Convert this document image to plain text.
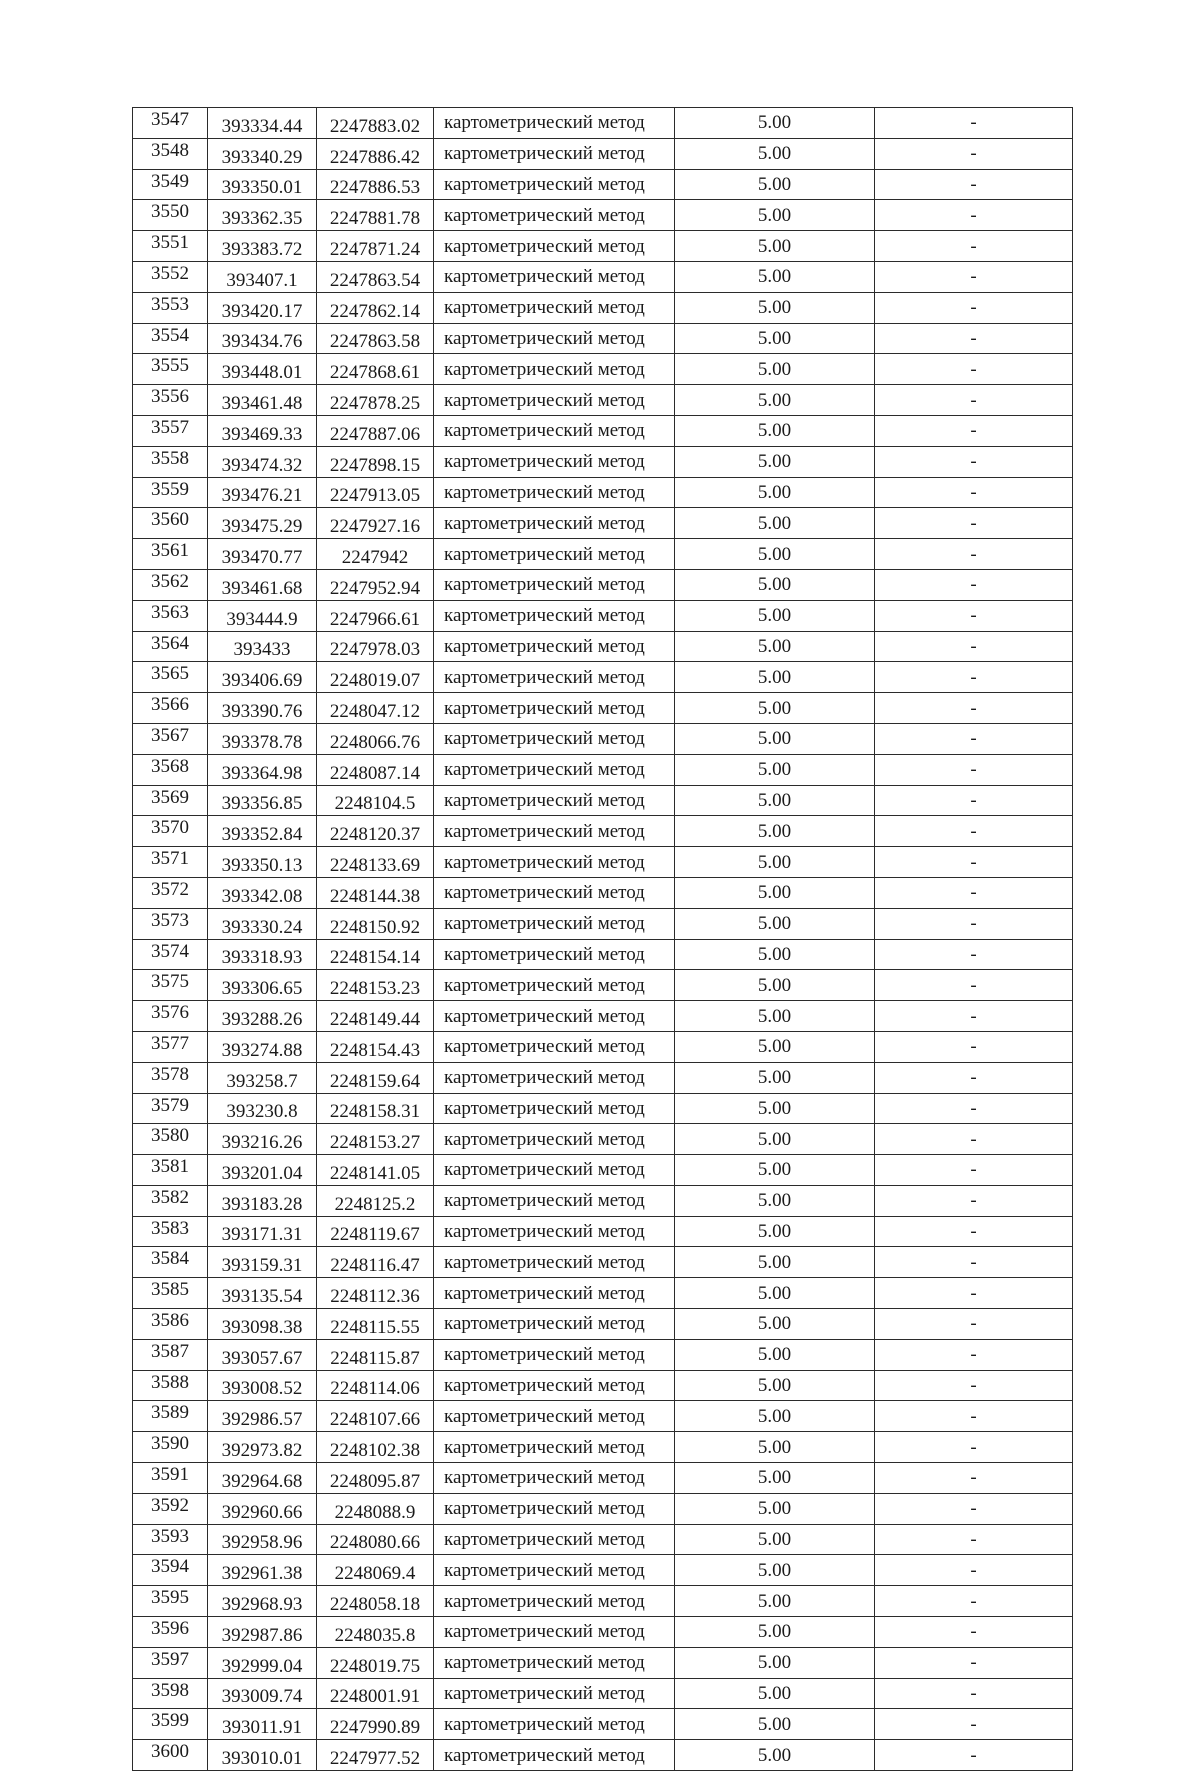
3547	393334.44	2247883.02	картометрический метод	5.00	-
3548	393340.29	2247886.42	картометрический метод	5.00	-
3549	393350.01	2247886.53	картометрический метод	5.00	-
3550	393362.35	2247881.78	картометрический метод	5.00	-
3551	393383.72	2247871.24	картометрический метод	5.00	-
3552	393407.1	2247863.54	картометрический метод	5.00	-
3553	393420.17	2247862.14	картометрический метод	5.00	-
3554	393434.76	2247863.58	картометрический метод	5.00	-
3555	393448.01	2247868.61	картометрический метод	5.00	-
3556	393461.48	2247878.25	картометрический метод	5.00	-
3557	393469.33	2247887.06	картометрический метод	5.00	-
3558	393474.32	2247898.15	картометрический метод	5.00	-
3559	393476.21	2247913.05	картометрический метод	5.00	-
3560	393475.29	2247927.16	картометрический метод	5.00	-
3561	393470.77	2247942	картометрический метод	5.00	-
3562	393461.68	2247952.94	картометрический метод	5.00	-
3563	393444.9	2247966.61	картометрический метод	5.00	-
3564	393433	2247978.03	картометрический метод	5.00	-
3565	393406.69	2248019.07	картометрический метод	5.00	-
3566	393390.76	2248047.12	картометрический метод	5.00	-
3567	393378.78	2248066.76	картометрический метод	5.00	-
3568	393364.98	2248087.14	картометрический метод	5.00	-
3569	393356.85	2248104.5	картометрический метод	5.00	-
3570	393352.84	2248120.37	картометрический метод	5.00	-
3571	393350.13	2248133.69	картометрический метод	5.00	-
3572	393342.08	2248144.38	картометрический метод	5.00	-
3573	393330.24	2248150.92	картометрический метод	5.00	-
3574	393318.93	2248154.14	картометрический метод	5.00	-
3575	393306.65	2248153.23	картометрический метод	5.00	-
3576	393288.26	2248149.44	картометрический метод	5.00	-
3577	393274.88	2248154.43	картометрический метод	5.00	-
3578	393258.7	2248159.64	картометрический метод	5.00	-
3579	393230.8	2248158.31	картометрический метод	5.00	-
3580	393216.26	2248153.27	картометрический метод	5.00	-
3581	393201.04	2248141.05	картометрический метод	5.00	-
3582	393183.28	2248125.2	картометрический метод	5.00	-
3583	393171.31	2248119.67	картометрический метод	5.00	-
3584	393159.31	2248116.47	картометрический метод	5.00	-
3585	393135.54	2248112.36	картометрический метод	5.00	-
3586	393098.38	2248115.55	картометрический метод	5.00	-
3587	393057.67	2248115.87	картометрический метод	5.00	-
3588	393008.52	2248114.06	картометрический метод	5.00	-
3589	392986.57	2248107.66	картометрический метод	5.00	-
3590	392973.82	2248102.38	картометрический метод	5.00	-
3591	392964.68	2248095.87	картометрический метод	5.00	-
3592	392960.66	2248088.9	картометрический метод	5.00	-
3593	392958.96	2248080.66	картометрический метод	5.00	-
3594	392961.38	2248069.4	картометрический метод	5.00	-
3595	392968.93	2248058.18	картометрический метод	5.00	-
3596	392987.86	2248035.8	картометрический метод	5.00	-
3597	392999.04	2248019.75	картометрический метод	5.00	-
3598	393009.74	2248001.91	картометрический метод	5.00	-
3599	393011.91	2247990.89	картометрический метод	5.00	-
3600	393010.01	2247977.52	картометрический метод	5.00	-
